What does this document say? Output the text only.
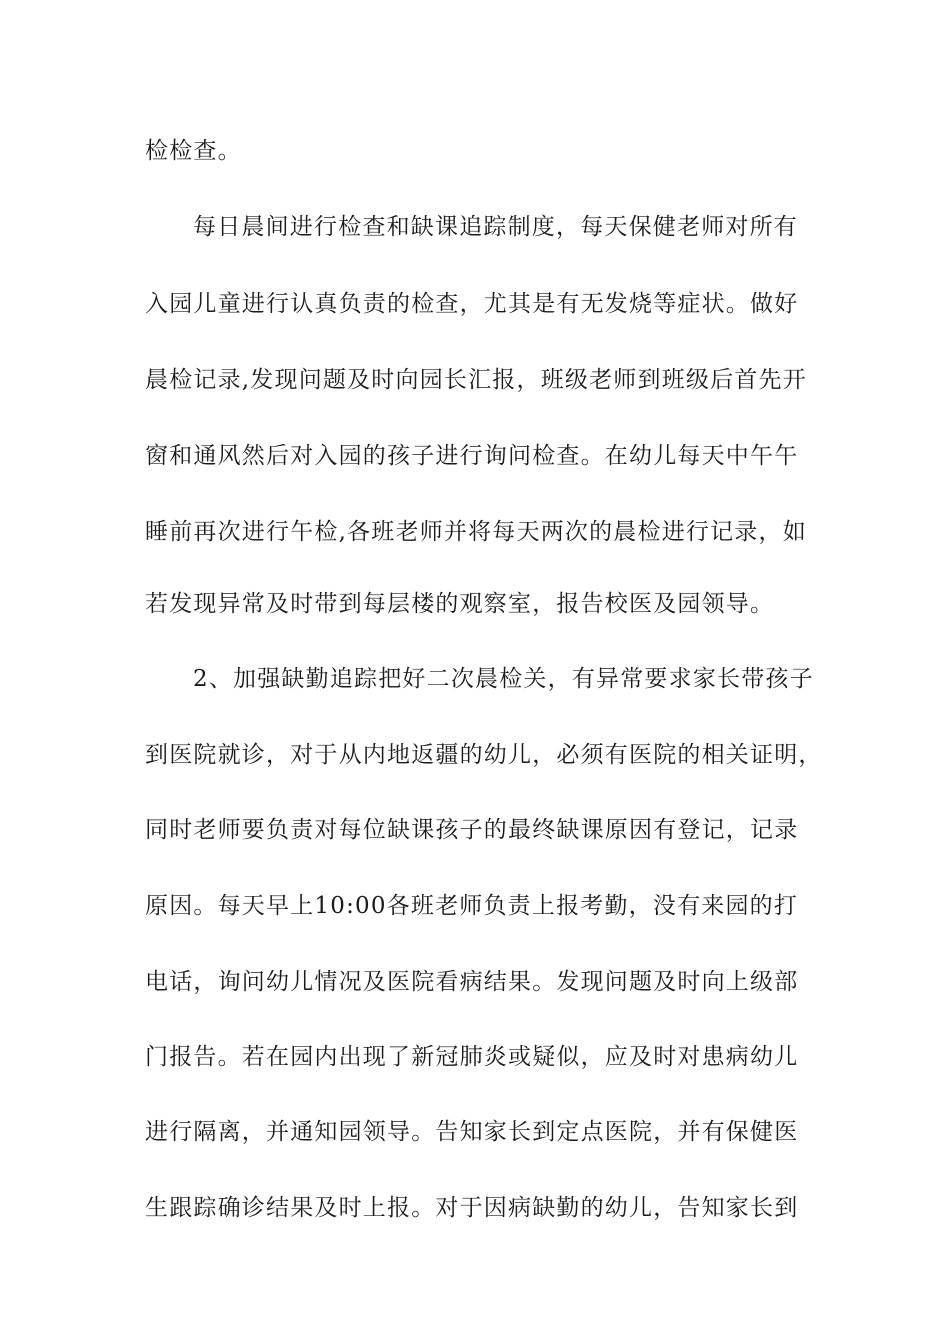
检检查。
每日晨间进行检查和缺课追踪制度，每天保健老师对所有
入园儿童进行认真负责的检查，尤其是有无发烧等症状。做好
晨检记录,发现问题及时向园长汇报，班级老师到班级后首先开
窗和通风然后对入园的孩子进行询问检查。在幼儿每天中午午
睡前再次进行午检,各班老师并将每天两次的晨检进行记录，如
若发现异常及时带到每层楼的观察室，报告校医及园领导。
2、加强缺勤追踪把好二次晨检关，有异常要求家长带孩子
到医院就诊，对于从内地返疆的幼儿，必须有医院的相关证明，
同时老师要负责对每位缺课孩子的最终缺课原因有登记，记录
原因。每天早上10:00各班老师负责上报考勤，没有来园的打
电话，询问幼儿情况及医院看病结果。发现问题及时向上级部
门报告。若在园内出现了新冠肺炎或疑似，应及时对患病幼儿
进行隔离，并通知园领导。告知家长到定点医院，并有保健医
生跟踪确诊结果及时上报。对于因病缺勤的幼儿，告知家长到
